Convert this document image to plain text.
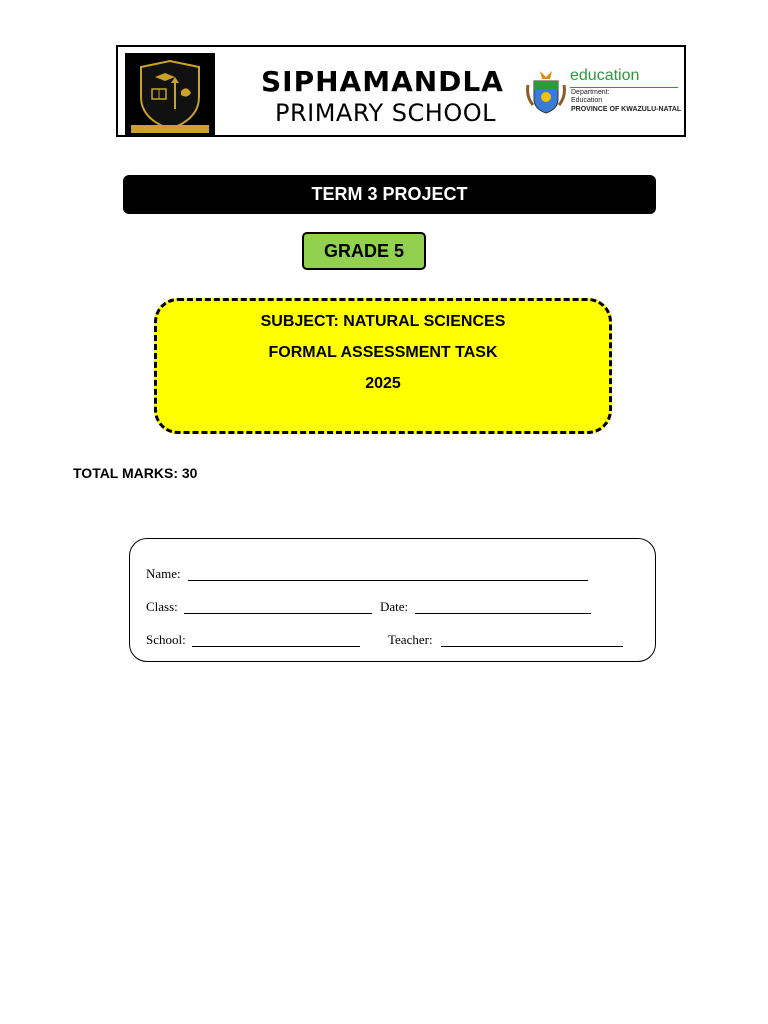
SIPHAMANDLA
PRIMARY SCHOOL
education
Department:
Education
PROVINCE OF KWAZULU-NATAL
TERM 3 PROJECT
GRADE 5
SUBJECT: NATURAL SCIENCES
FORMAL ASSESSMENT TASK
2025
TOTAL MARKS: 30
Name:
Class:	Date:
School:	Teacher:
